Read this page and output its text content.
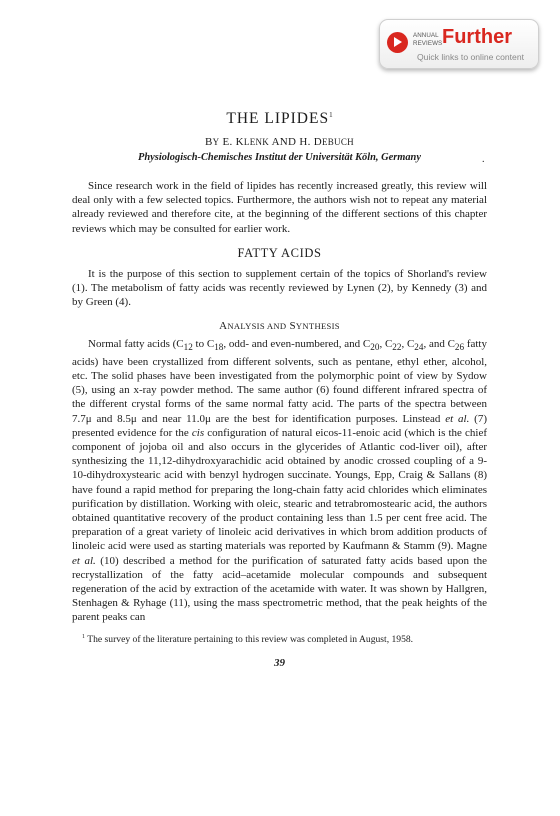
ANNUAL
REVIEWS Further
Quick links to online content
THE LIPIDES$^1$
BY E. KLENK AND H. DEBUCH
Physiologisch-Chemisches Institut der Universität Köln, Germany	.

Since research work in the field of lipides has recently increased greatly, this review will deal only with a few selected topics. Furthermore, the authors wish not to repeat any material already reviewed and therefore cite, at the beginning of the different sections of this chapter reviews which may be consulted for earlier work.

FATTY ACIDS

It is the purpose of this section to supplement certain of the topics of Shorland's review (1). The metabolism of fatty acids was recently reviewed by Lynen (2), by Kennedy (3) and by Green (4).

ANALYSIS AND SYNTHESIS

Normal fatty acids ($C_{12}$ to $C_{18}$, odd- and even-numbered, and $C_{20}$, $C_{22}$, $C_{24}$, and $C_{26}$ fatty acids) have been crystallized from different solvents, such as pentane, ethyl ether, alcohol, etc. The solid phases have been investigated from the polymorphic point of view by Sydow (5), using an x-ray powder method. The same author (6) found different infrared spectra of the different crystal forms of the same normal fatty acid. The parts of the spectra between 7.7μ and 8.5μ and near 11.0μ are the best for identification purposes. Linstead et al. (7) presented evidence for the cis configuration of natural eicos-11-enoic acid (which is the chief component of jojoba oil and also occurs in the glycerides of Atlantic cod-liver oil), after synthesizing the 11,12-dihydroxyarachidic acid obtained by anodic crossed coupling of a 9-10-dihydroxystearic acid with benzyl hydrogen succinate. Youngs, Epp, Craig & Sallans (8) have found a rapid method for preparing the long-chain fatty acid chlorides which eliminates purification by distillation. Working with oleic, stearic and tetrabromostearic acid, the authors obtained quantitative recovery of the product containing less than 1.5 per cent free acid. The preparation of a great variety of linoleic acid derivatives in which brom addition products of linoleic acid were used as starting materials was reported by Kaufmann & Stamm (9). Magne et al. (10) described a method for the purification of saturated fatty acids based upon the recrystallization of the fatty acid–acetamide molecular compounds and subsequent regeneration of the acid by extraction of the acetamide with water. It was shown by Hallgren, Stenhagen & Ryhage (11), using the mass spectrometric method, that the peak heights of the parent peaks can

$^1$ The survey of the literature pertaining to this review was completed in August, 1958.
39
